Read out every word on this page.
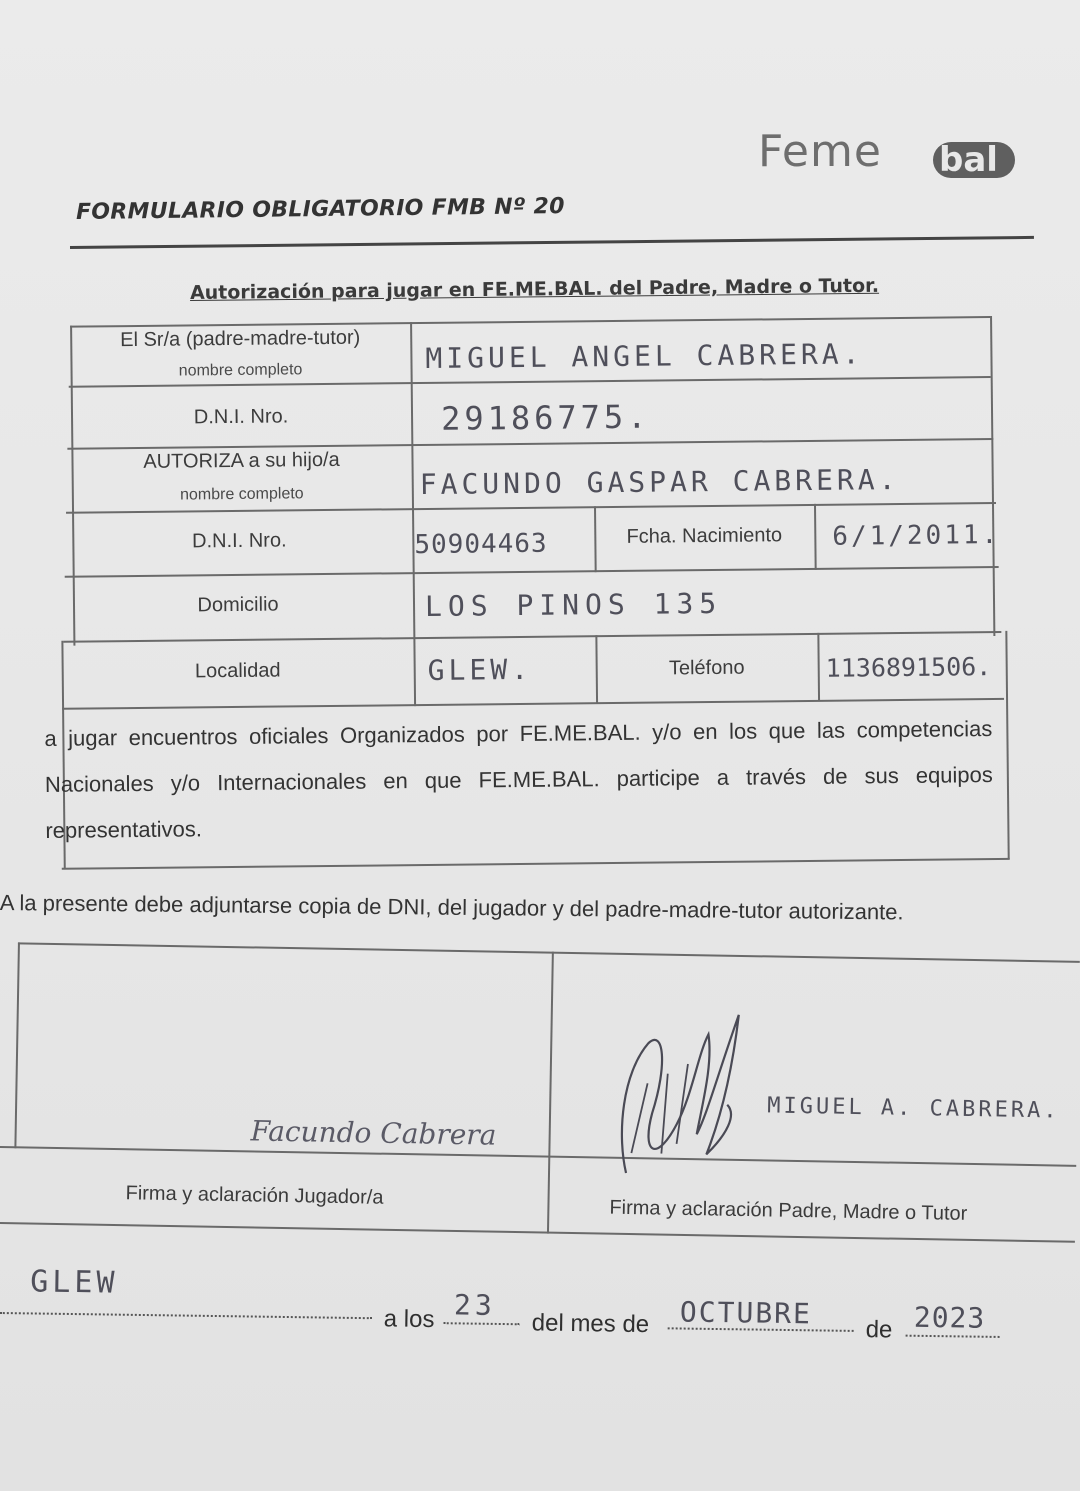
Feme bal
FORMULARIO OBLIGATORIO FMB Nº 20
Autorización para jugar en FE.ME.BAL. del Padre, Madre o Tutor.
El Sr/a (padre-madre-tutor)
nombre completo	MIGUEL ANGEL CABRERA.
D.N.I. Nro.	29186775.
AUTORIZA a su hijo/a
nombre completo	FACUNDO GASPAR CABRERA.
D.N.I. Nro.	50904463	Fcha. Nacimiento	6/1/2011.
Domicilio	LOS PINOS 135
Localidad	GLEW.	Teléfono	1136891506.
a jugar encuentros oficiales Organizados por FE.ME.BAL. y/o en los que las competencias Nacionales y/o Internacionales en que FE.ME.BAL. participe a través de sus equipos representativos.
A la presente debe adjuntarse copia de DNI, del jugador y del padre-madre-tutor autorizante.
Facundo Cabrera
MIGUEL A. CABRERA.
Firma y aclaración Jugador/a
Firma y aclaración Padre, Madre o Tutor
GLEW
a los 23
del mes de OCTUBRE de 2023
